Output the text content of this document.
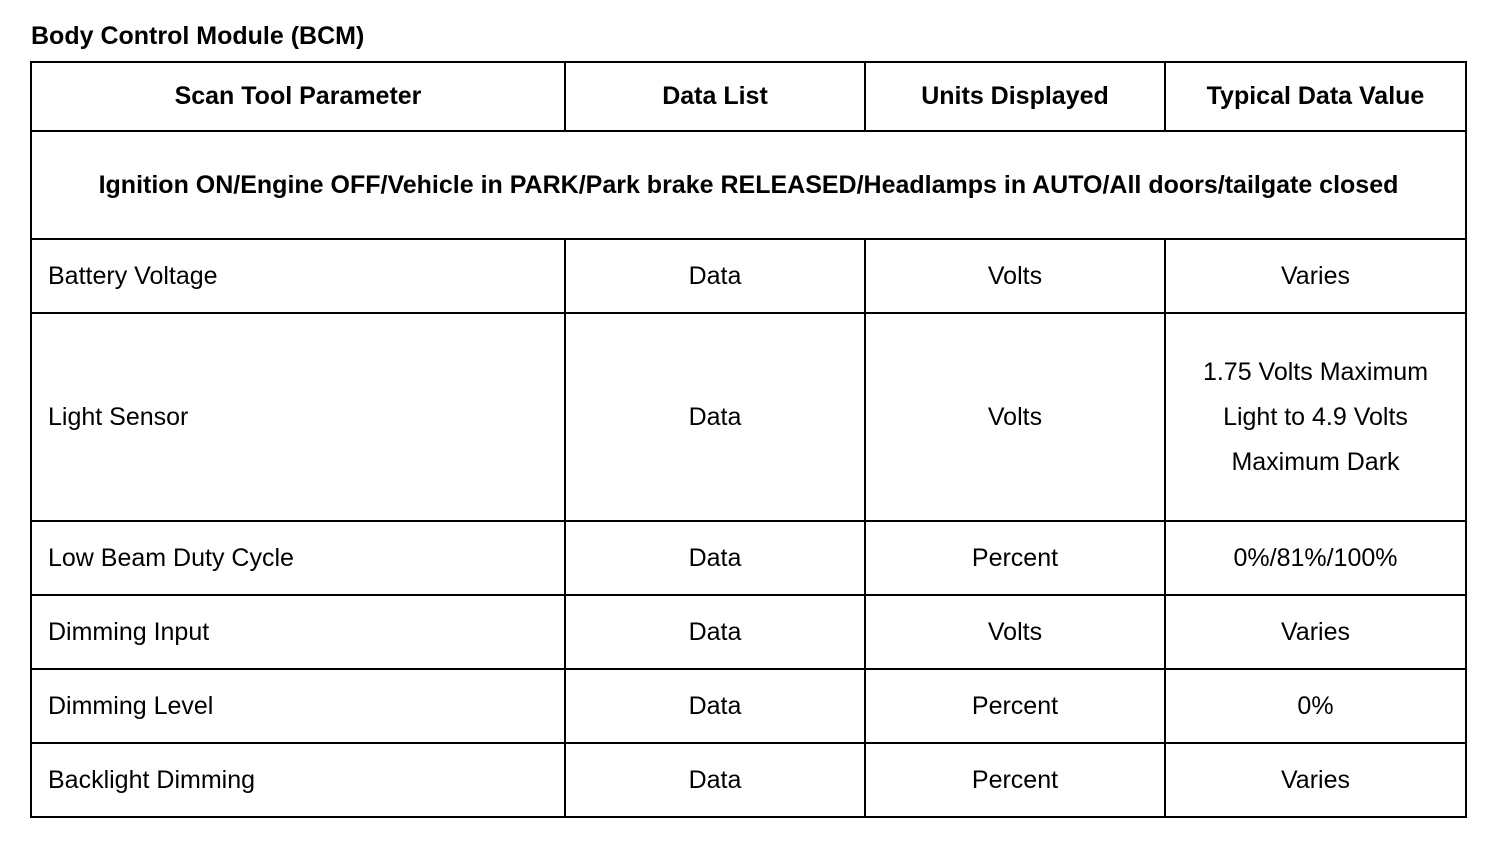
Body Control Module (BCM)
Scan Tool Parameter	Data List	Units Displayed	Typical Data Value
Ignition ON/Engine OFF/Vehicle in PARK/Park brake RELEASED/Headlamps in AUTO/All doors/tailgate closed			
Battery Voltage	Data	Volts	Varies
Light Sensor	Data	Volts	1.75 Volts Maximum Light to 4.9 Volts Maximum Dark
Low Beam Duty Cycle	Data	Percent	0%/81%/100%
Dimming Input	Data	Volts	Varies
Dimming Level	Data	Percent	0%
Backlight Dimming	Data	Percent	Varies
